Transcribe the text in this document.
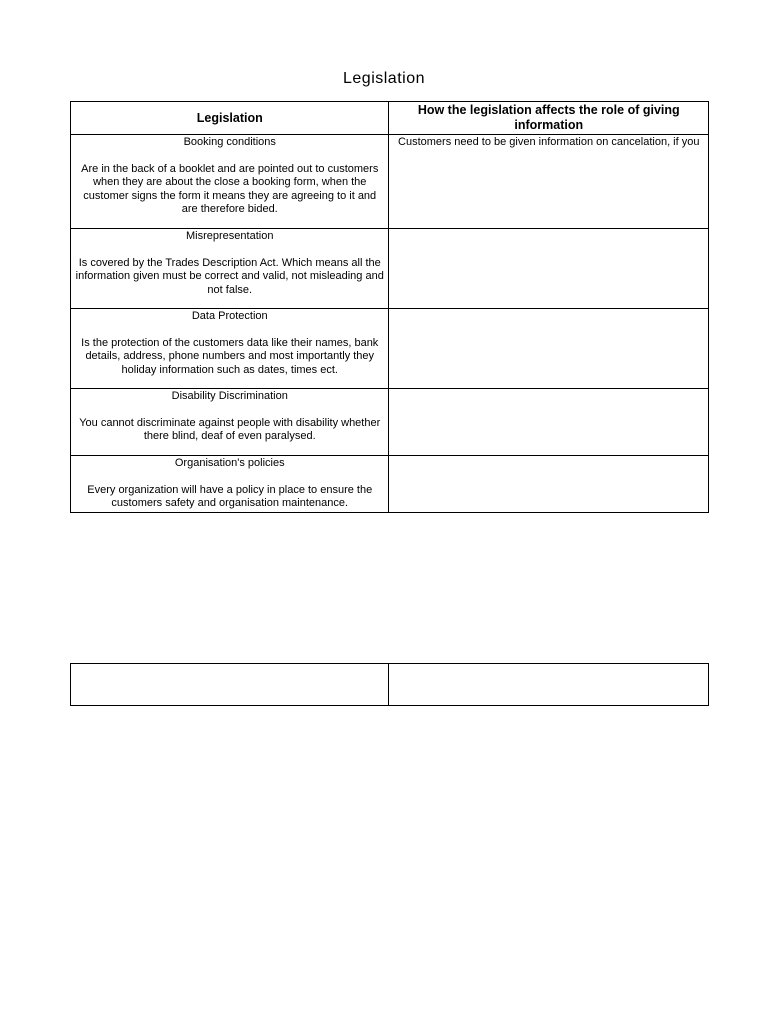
Legislation
Legislation	How the legislation affects the role of giving information

Booking conditions
Are in the back of a booklet and are pointed out to customers when they are about the close a booking form, when the customer signs the form it means they are agreeing to it and are therefore bided.	Customers need to be given information on cancelation, if you

Misrepresentation
Is covered by the Trades Description Act. Which means all the information given must be correct and valid, not misleading and not false.	

Data Protection
Is the protection of the customers data like their names, bank details, address, phone numbers and most importantly they holiday information such as dates, times ect.	

Disability Discrimination
You cannot discriminate against people with disability whether there blind, deaf of even paralysed.	

Organisation's policies
Every organization will have a policy in place to ensure the customers safety and organisation maintenance.	
